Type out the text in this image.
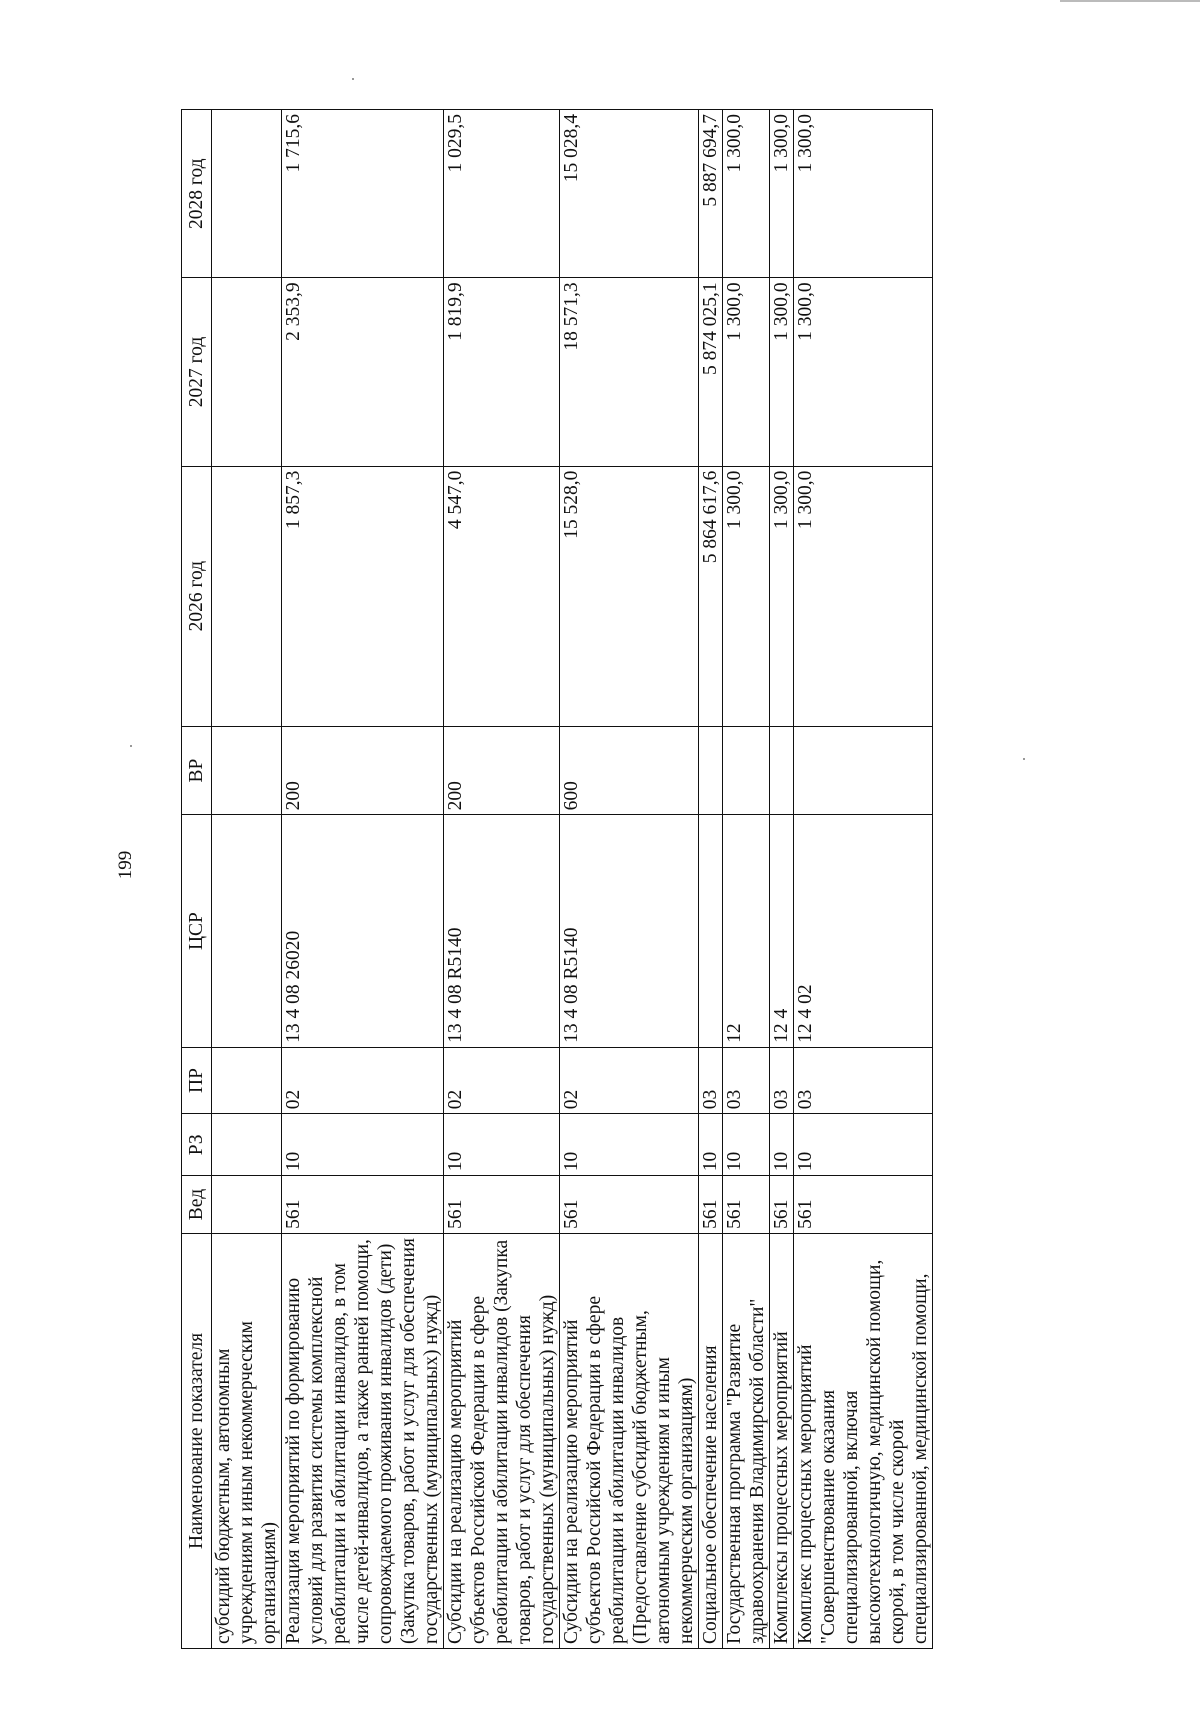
199
Наименование показателя	Вед	РЗ	ПР	ЦСР	ВР	2026 год	2027 год	2028 год
субсидий бюджетным, автономным учреждениям и иным некоммерческим организациям)								
Реализация мероприятий по формированию условий для развития системы комплексной реабилитации и абилитации инвалидов, в том числе детей-инвалидов, а также ранней помощи, сопровождаемого проживания инвалидов (дети) (Закупка товаров, работ и услуг для обеспечения государственных (муниципальных) нужд)	561	10	02	13 4 08 26020	200	1 857,3	2 353,9	1 715,6
Субсидии на реализацию мероприятий субъектов Российской Федерации в сфере реабилитации и абилитации инвалидов (Закупка товаров, работ и услуг для обеспечения государственных (муниципальных) нужд)	561	10	02	13 4 08 R5140	200	4 547,0	1 819,9	1 029,5
Субсидии на реализацию мероприятий субъектов Российской Федерации в сфере реабилитации и абилитации инвалидов (Предоставление субсидий бюджетным, автономным учреждениям и иным некоммерческим организациям)	561	10	02	13 4 08 R5140	600	15 528,0	18 571,3	15 028,4
Социальное обеспечение населения	561	10	03			5 864 617,6	5 874 025,1	5 887 694,7
Государственная программа "Развитие здравоохранения Владимирской области"	561	10	03	12		1 300,0	1 300,0	1 300,0
Комплексы процессных мероприятий	561	10	03	12 4		1 300,0	1 300,0	1 300,0
Комплекс процессных мероприятий "Совершенствование оказания специализированной, включая высокотехнологичную, медицинской помощи, скорой, в том числе скорой специализированной, медицинской помощи,	561	10	03	12 4 02		1 300,0	1 300,0	1 300,0
